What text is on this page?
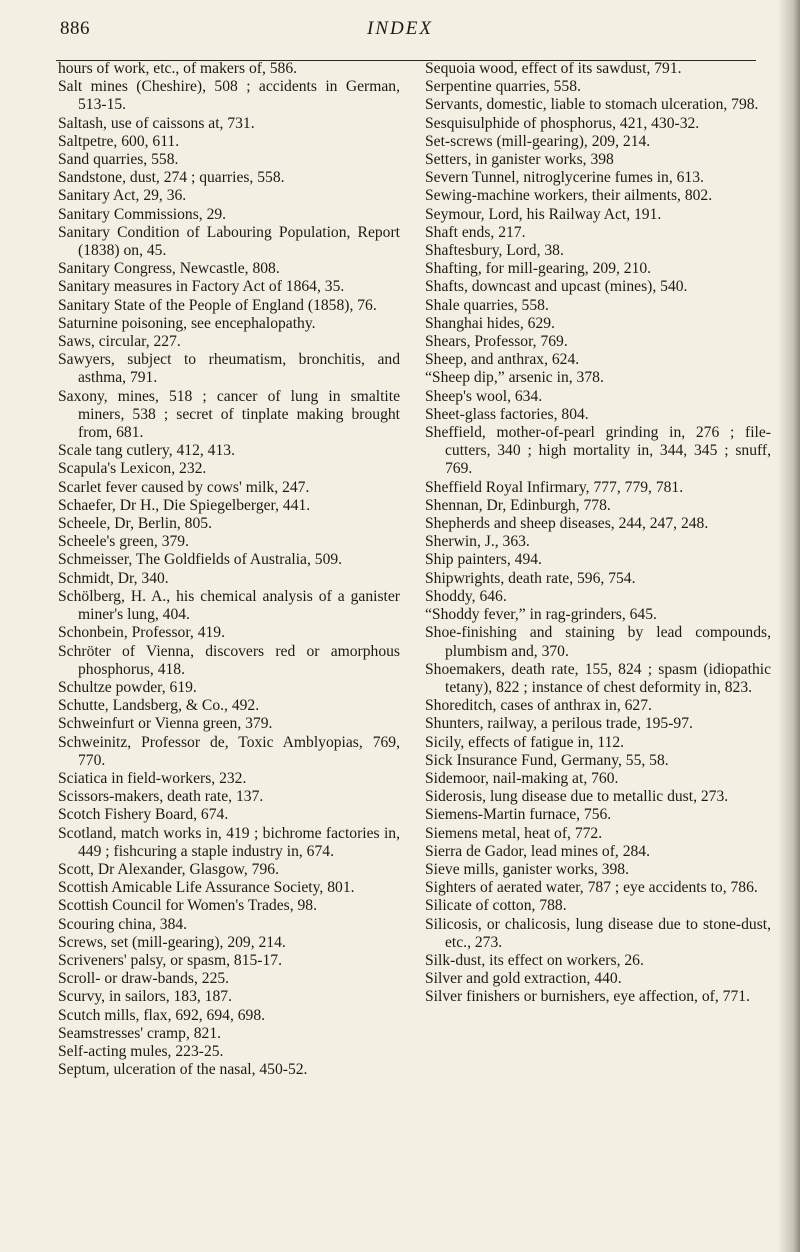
886	INDEX

hours of work, etc., of makers of, 586.

Salt mines (Cheshire), 508 ; accidents in German, 513-15.

Saltash, use of caissons at, 731.

Saltpetre, 600, 611.

Sand quarries, 558.

Sandstone, dust, 274 ; quarries, 558.

Sanitary Act, 29, 36.

Sanitary Commissions, 29.

Sanitary Condition of Labouring Population, Report (1838) on, 45.

Sanitary Congress, Newcastle, 808.

Sanitary measures in Factory Act of 1864, 35.

Sanitary State of the People of England (1858), 76.

Saturnine poisoning, see encephalopathy.

Saws, circular, 227.

Sawyers, subject to rheumatism, bronchitis, and asthma, 791.

Saxony, mines, 518 ; cancer of lung in smaltite miners, 538 ; secret of tinplate making brought from, 681.

Scale tang cutlery, 412, 413.

Scapula's Lexicon, 232.

Scarlet fever caused by cows' milk, 247.

Schaefer, Dr H., Die Spiegelberger, 441.

Scheele, Dr, Berlin, 805.

Scheele's green, 379.

Schmeisser, The Goldfields of Australia, 509.

Schmidt, Dr, 340.

Schölberg, H. A., his chemical analysis of a ganister miner's lung, 404.

Schonbein, Professor, 419.

Schröter of Vienna, discovers red or amorphous phosphorus, 418.

Schultze powder, 619.

Schutte, Landsberg, & Co., 492.

Schweinfurt or Vienna green, 379.

Schweinitz, Professor de, Toxic Amblyopias, 769, 770.

Sciatica in field-workers, 232.

Scissors-makers, death rate, 137.

Scotch Fishery Board, 674.

Scotland, match works in, 419 ; bichrome factories in, 449 ; fishcuring a staple industry in, 674.

Scott, Dr Alexander, Glasgow, 796.

Scottish Amicable Life Assurance Society, 801.

Scottish Council for Women's Trades, 98.

Scouring china, 384.

Screws, set (mill-gearing), 209, 214.

Scriveners' palsy, or spasm, 815-17.

Scroll- or draw-bands, 225.

Scurvy, in sailors, 183, 187.

Scutch mills, flax, 692, 694, 698.

Seamstresses' cramp, 821.

Self-acting mules, 223-25.

Septum, ulceration of the nasal, 450-52.

Sequoia wood, effect of its sawdust, 791.

Serpentine quarries, 558.

Servants, domestic, liable to stomach ulceration, 798.

Sesquisulphide of phosphorus, 421, 430-32.

Set-screws (mill-gearing), 209, 214.

Setters, in ganister works, 398

Severn Tunnel, nitroglycerine fumes in, 613.

Sewing-machine workers, their ailments, 802.

Seymour, Lord, his Railway Act, 191.

Shaft ends, 217.

Shaftesbury, Lord, 38.

Shafting, for mill-gearing, 209, 210.

Shafts, downcast and upcast (mines), 540.

Shale quarries, 558.

Shanghai hides, 629.

Shears, Professor, 769.

Sheep, and anthrax, 624.

“Sheep dip,” arsenic in, 378.

Sheep's wool, 634.

Sheet-glass factories, 804.

Sheffield, mother-of-pearl grinding in, 276 ; file-cutters, 340 ; high mortality in, 344, 345 ; snuff, 769.

Sheffield Royal Infirmary, 777, 779, 781.

Shennan, Dr, Edinburgh, 778.

Shepherds and sheep diseases, 244, 247, 248.

Sherwin, J., 363.

Ship painters, 494.

Shipwrights, death rate, 596, 754.

Shoddy, 646.

“Shoddy fever,” in rag-grinders, 645.

Shoe-finishing and staining by lead compounds, plumbism and, 370.

Shoemakers, death rate, 155, 824 ; spasm (idiopathic tetany), 822 ; instance of chest deformity in, 823.

Shoreditch, cases of anthrax in, 627.

Shunters, railway, a perilous trade, 195-97.

Sicily, effects of fatigue in, 112.

Sick Insurance Fund, Germany, 55, 58.

Sidemoor, nail-making at, 760.

Siderosis, lung disease due to metallic dust, 273.

Siemens-Martin furnace, 756.

Siemens metal, heat of, 772.

Sierra de Gador, lead mines of, 284.

Sieve mills, ganister works, 398.

Sighters of aerated water, 787 ; eye accidents to, 786.

Silicate of cotton, 788.

Silicosis, or chalicosis, lung disease due to stone-dust, etc., 273.

Silk-dust, its effect on workers, 26.

Silver and gold extraction, 440.

Silver finishers or burnishers, eye affection, of, 771.
